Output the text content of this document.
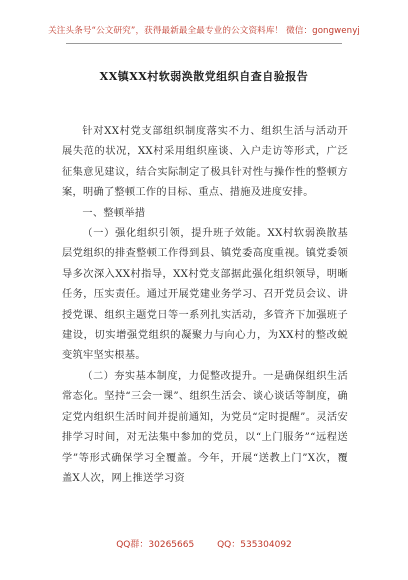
关注头条号“公文研究”，获得最新最全最专业的公文资料库！ 微信：gongwenyj
XX镇XX村软弱涣散党组织自查自验报告

针对XX村党支部组织制度落实不力、组织生活与活动开展失范的状况，XX村采用组织座谈、入户走访等形式，广泛征集意见建议，结合实际制定了极具针对性与操作性的整顿方案，明确了整顿工作的目标、重点、措施及进度安排。

一、整顿举措

（一）强化组织引领，提升班子效能。XX村软弱涣散基层党组织的排查整顿工作得到县、镇党委高度重视。镇党委领导多次深入XX村指导，XX村党支部据此强化组织领导，明晰任务，压实责任。通过开展党建业务学习、召开党员会议、讲授党课、组织主题党日等一系列扎实活动，多管齐下加强班子建设，切实增强党组织的凝聚力与向心力，为XX村的整改蜕变筑牢坚实根基。

（二）夯实基本制度，力促整改提升。一是确保组织生活常态化。坚持“三会一课”、组织生活会、谈心谈话等制度，确定党内组织生活时间并提前通知，为党员“定时提醒”。灵活安排学习时间，对无法集中参加的党员，以“上门服务”“远程送学”等形式确保学习全覆盖。今年，开展“送教上门”X次，覆盖X人次，网上推送学习资

QQ群：30265665	QQ：535304092
